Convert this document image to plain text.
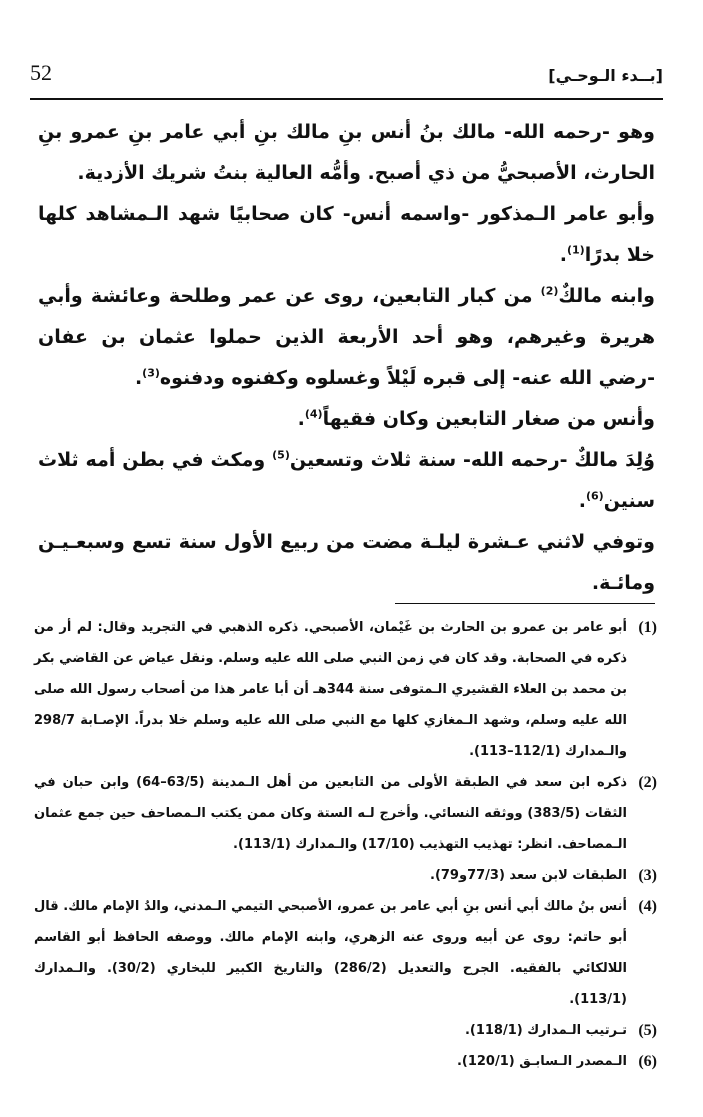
52	[بــدء الـوحـي]

وهو -رحمه الله- مالك بنُ أنس بنِ مالك بنِ أبي عامر بنِ عمرو بنِ الحارث، الأصبحيُّ من ذي أصبح. وأمُّه العالية بنتُ شريك الأزدية.

وأبو عامر الـمذكور -واسمه أنس- كان صحابيًا شهد الـمشاهد كلها خلا بدرًا$^{(1)}$.

وابنه مالكٌ$^{(2)}$ من كبار التابعين، روى عن عمر وطلحة وعائشة وأبي هريرة وغيرهم، وهو أحد الأربعة الذين حملوا عثمان بن عفان -رضي الله عنه- إلى قبره لَيْلاً وغسلوه وكفنوه ودفنوه$^{(3)}$.

وأنس من صغار التابعين وكان فقيهاً$^{(4)}$.

وُلِدَ مالكٌ -رحمه الله- سنة ثلاث وتسعين$^{(5)}$ ومكث في بطن أمه ثلاث سنين$^{(6)}$.

وتوفي لاثني عـشرة ليلـة مضت من ربيع الأول سنة تسع وسبعـيـن ومائـة.

(1)
أبو عامر بن عمرو بن الحارث بن غَيْمان، الأصبحي. ذكره الذهبي في التجريد وقال: لم أر من ذكره في الصحابة. وقد كان في زمن النبي صلى الله عليه وسلم. ونقل عياض عن القاضي بكر بن محمد بن العلاء القشيري الـمتوفى سنة 344هـ أن أبا عامر هذا من أصحاب رسول الله صلى الله عليه وسلم، وشهد الـمغازي كلها مع النبي صلى الله عليه وسلم خلا بدراً. الإصـابة 298/7 والـمدارك (112/1–113).

(2)
ذكره ابن سعد في الطبقة الأولى من التابعين من أهل الـمدينة (63/5–64) وابن حبان في الثقات (383/5) ووثقه النسائي. وأخرج لـه الستة وكان ممن يكتب الـمصاحف حين جمع عثمان الـمصاحف. انظر: تهذيب التهذيب (17/10) والـمدارك (113/1).

(3)
الطبقات لابن سعد (77/3و79).

(4)
أنس بنُ مالك أبي أنس بنِ أبي عامر بن عمرو، الأصبحي التيمي الـمدني، والدُ الإمام مالك. قال أبو حاتم: روى عن أبيه وروى عنه الزهري، وابنه الإمام مالك. ووصفه الحافظ أبو القاسم اللالكائي بالفقيه. الجرح والتعديل (286/2) والتاريخ الكبير للبخاري (30/2). والـمدارك (113/1).

(5)
تـرتيب الـمدارك (118/1).

(6)
الـمصدر الـسابـق (120/1).
